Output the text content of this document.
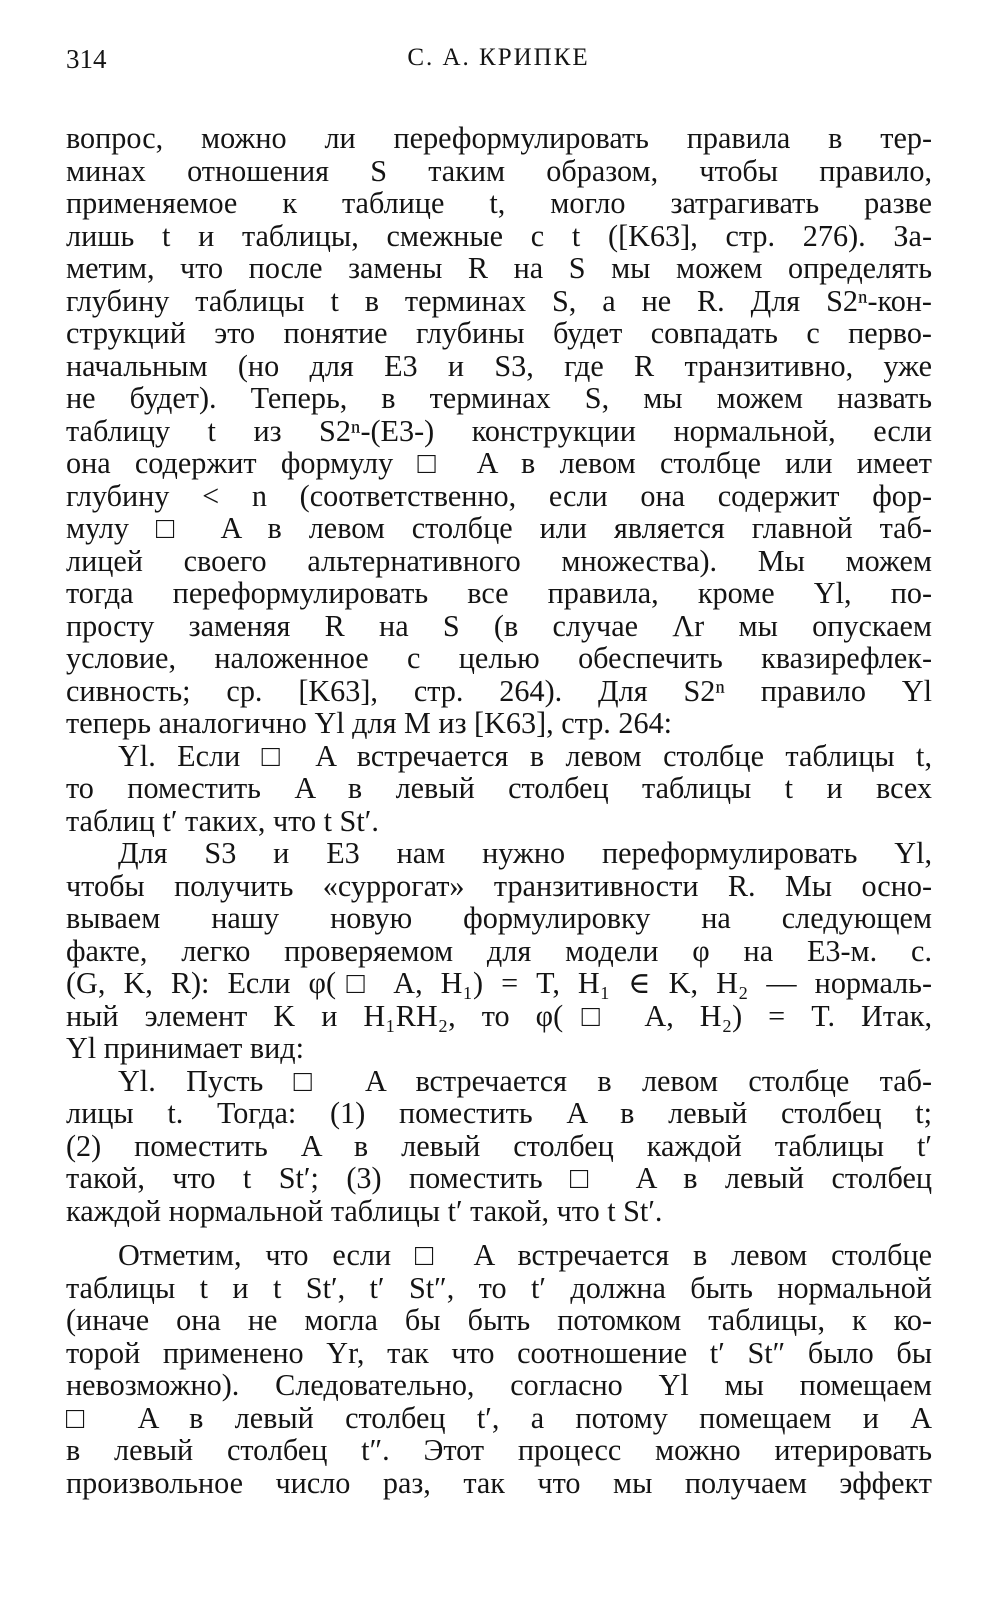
314	С. А. КРИПКЕ
вопрос, можно ли переформулировать правила в тер-
минах отношения S таким образом, чтобы правило,
применяемое к таблице t, могло затрагивать разве
лишь t и таблицы, смежные с t ([K63], стр. 276). За-
метим, что после замены R на S мы можем определять
глубину таблицы t в терминах S, а не R. Для S2ⁿ-кон-
струкций это понятие глубины будет совпадать с перво-
начальным (но для E3 и S3, где R транзитивно, уже
не будет). Теперь, в терминах S, мы можем назвать
таблицу t из S2ⁿ-(E3-) конструкции нормальной, если
она содержит формулу □ A в левом столбце или имеет
глубину < n (соответственно, если она содержит фор-
мулу □ A в левом столбце или является главной таб-
лицей своего альтернативного множества). Мы можем
тогда переформулировать все правила, кроме Yl, по-
просту заменяя R на S (в случае Λr мы опускаем
условие, наложенное с целью обеспечить квазирефлек-
сивность; ср. [K63], стр. 264). Для S2ⁿ правило Yl
теперь аналогично Yl для M из [K63], стр. 264:
Yl. Если □ A встречается в левом столбце таблицы t,
то поместить A в левый столбец таблицы t и всех
таблиц t′ таких, что t St′.
Для S3 и E3 нам нужно переформулировать Yl,
чтобы получить «суррогат» транзитивности R. Мы осно-
вываем нашу новую формулировку на следующем
факте, легко проверяемом для модели φ на E3-м. с.
(G, K, R): Если φ(□ A, H₁) = T, H₁ ∈ K, H₂ — нормаль-
ный элемент K и H₁RH₂, то φ(□ A, H₂) = T. Итак,
Yl принимает вид:
Yl. Пусть □ A встречается в левом столбце таб-
лицы t. Тогда: (1) поместить A в левый столбец t;
(2) поместить A в левый столбец каждой таблицы t′
такой, что t St′; (3) поместить □ A в левый столбец
каждой нормальной таблицы t′ такой, что t St′.
Отметим, что если □ A встречается в левом столбце
таблицы t и t St′, t′ St″, то t′ должна быть нормальной
(иначе она не могла бы быть потомком таблицы, к ко-
торой применено Yr, так что соотношение t′ St″ было бы
невозможно). Следовательно, согласно Yl мы помещаем
□ A в левый столбец t′, а потому помещаем и A
в левый столбец t″. Этот процесс можно итерировать
произвольное число раз, так что мы получаем эффект
